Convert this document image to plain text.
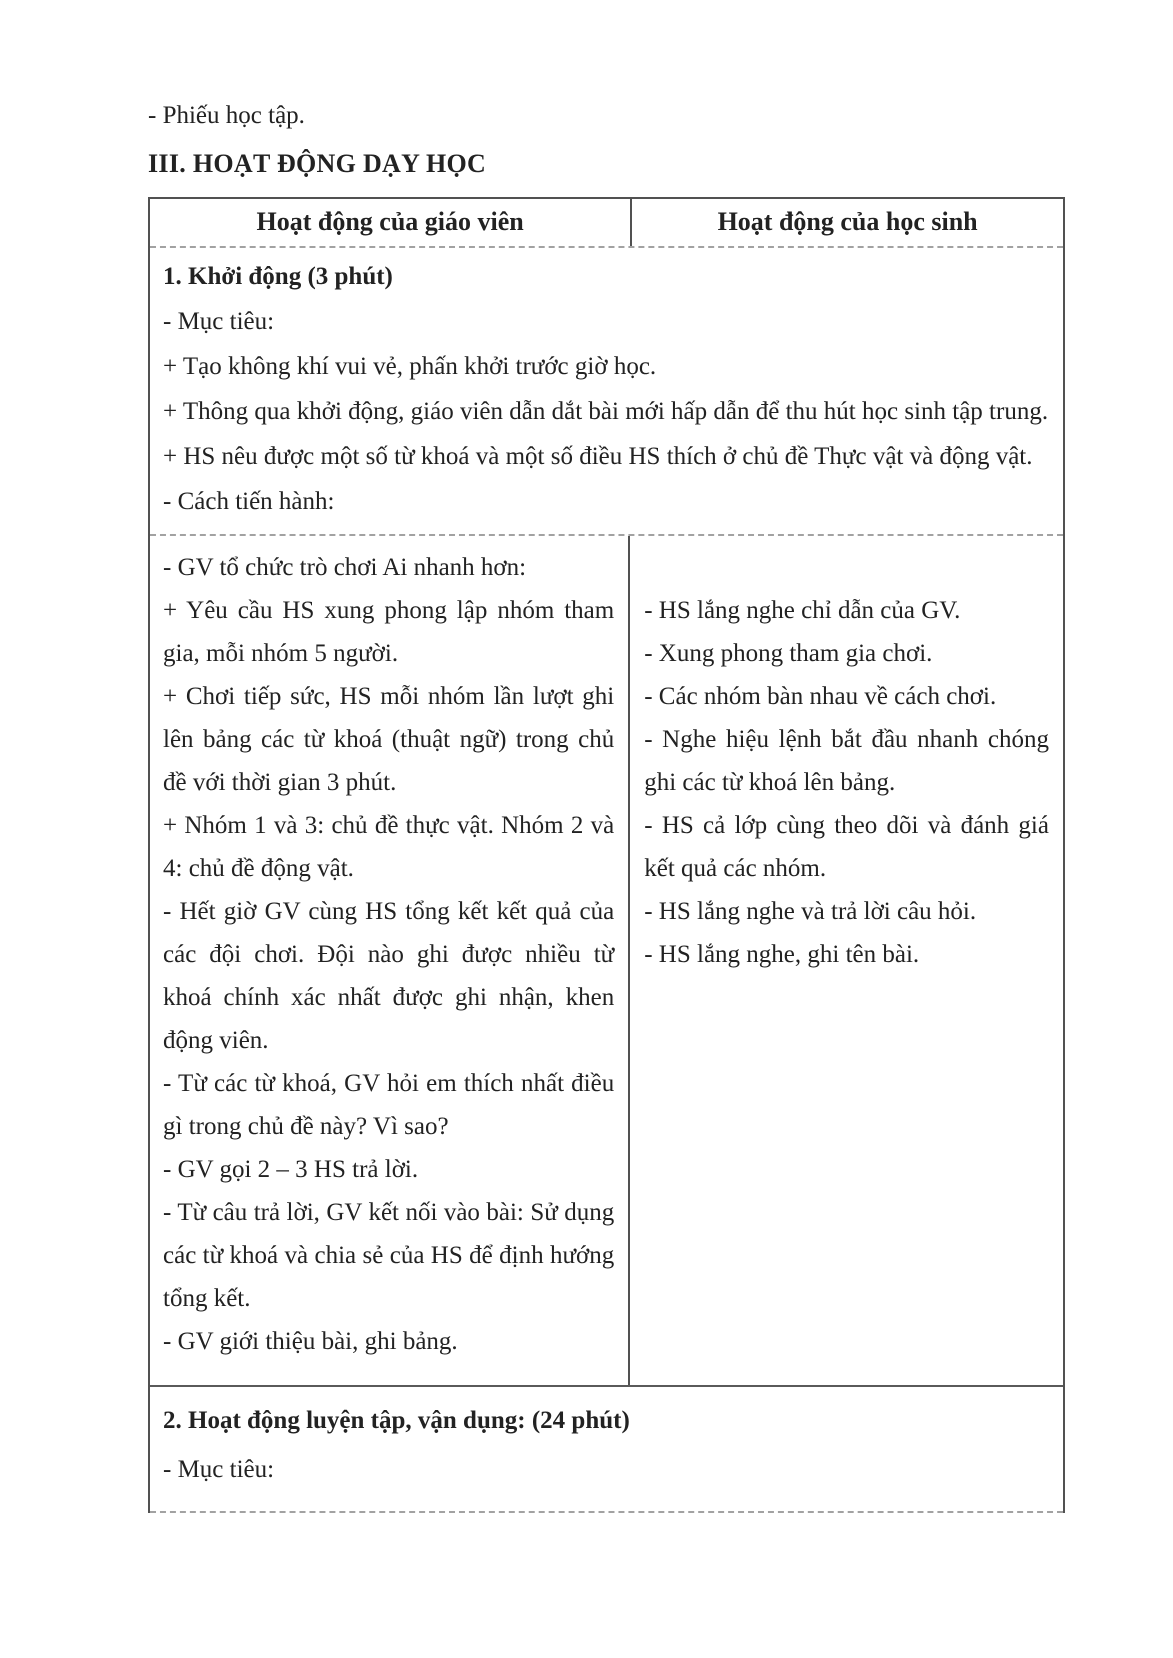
- Phiếu học tập.

III. HOẠT ĐỘNG DẠY HỌC

Hoạt động của giáo viên	Hoạt động của học sinh

1. Khởi động (3 phút)

- Mục tiêu:

+ Tạo không khí vui vẻ, phấn khởi trước giờ học.

+ Thông qua khởi động, giáo viên dẫn dắt bài mới hấp dẫn để thu hút học sinh tập trung.

+ HS nêu được một số từ khoá và một số điều HS thích ở chủ đề Thực vật và động vật.

- Cách tiến hành:

- GV tổ chức trò chơi Ai nhanh hơn:

+ Yêu cầu HS xung phong lập nhóm tham gia, mỗi nhóm 5 người.

+ Chơi tiếp sức, HS mỗi nhóm lần lượt ghi lên bảng các từ khoá (thuật ngữ) trong chủ đề với thời gian 3 phút.

+ Nhóm 1 và 3: chủ đề thực vật. Nhóm 2 và 4: chủ đề động vật.

- Hết giờ GV cùng HS tổng kết kết quả của các đội chơi. Đội nào ghi được nhiều từ khoá chính xác nhất được ghi nhận, khen động viên.

- Từ các từ khoá, GV hỏi em thích nhất điều gì trong chủ đề này? Vì sao?

- GV gọi 2 – 3 HS trả lời.

- Từ câu trả lời, GV kết nối vào bài: Sử dụng các từ khoá và chia sẻ của HS để định hướng tổng kết.

- GV giới thiệu bài, ghi bảng.

- HS lắng nghe chỉ dẫn của GV.

- Xung phong tham gia chơi.

- Các nhóm bàn nhau về cách chơi.

- Nghe hiệu lệnh bắt đầu nhanh chóng ghi các từ khoá lên bảng.

- HS cả lớp cùng theo dõi và đánh giá kết quả các nhóm.

- HS lắng nghe và trả lời câu hỏi.

- HS lắng nghe, ghi tên bài.

2. Hoạt động luyện tập, vận dụng: (24 phút)

- Mục tiêu:
